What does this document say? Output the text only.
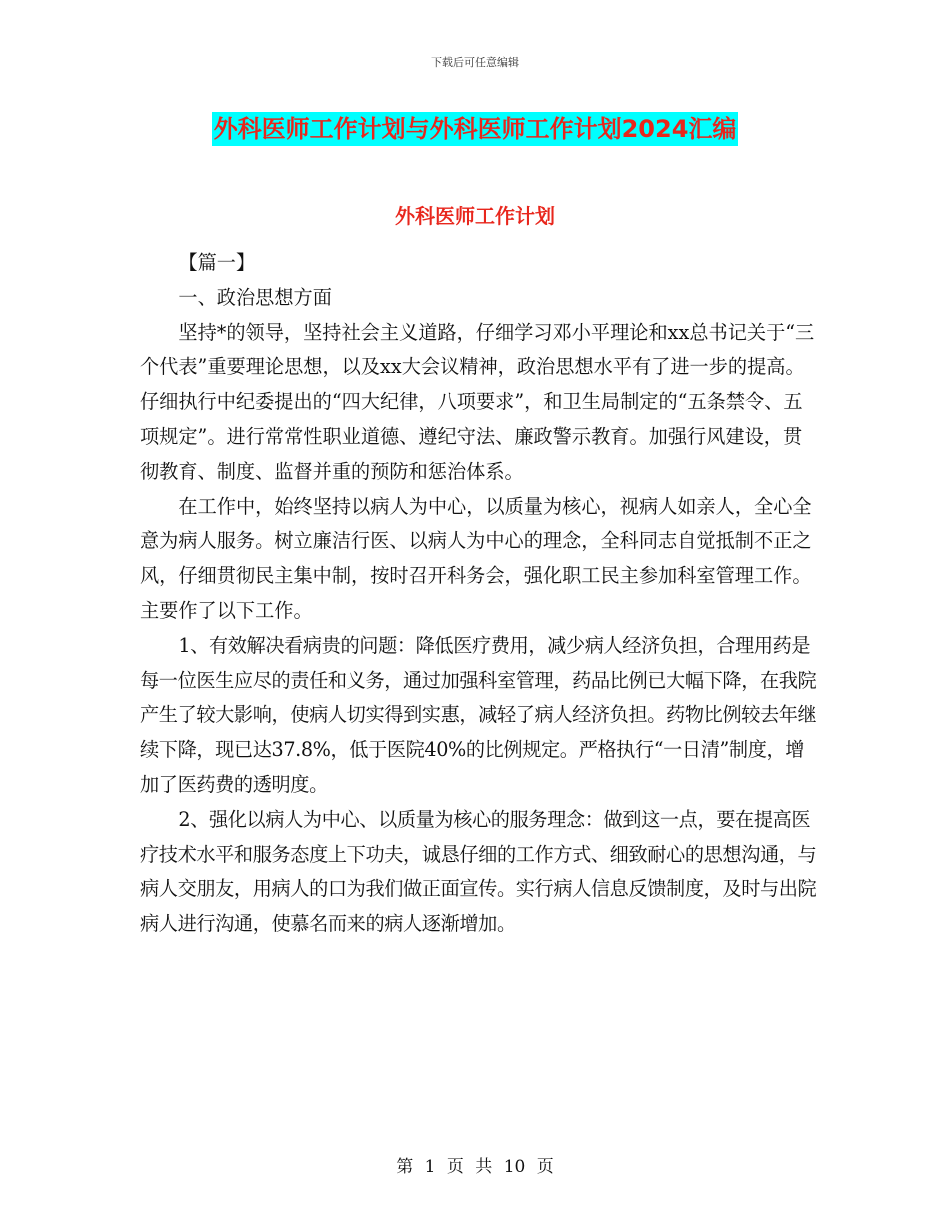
下载后可任意编辑
外科医师工作计划与外科医师工作计划2024汇编
外科医师工作计划

【篇一】

一、政治思想方面

坚持*的领导，坚持社会主义道路，仔细学习邓小平理论和xx总书记关于“三个代表”重要理论思想，以及xx大会议精神，政治思想水平有了进一步的提高。仔细执行中纪委提出的“四大纪律，八项要求”，和卫生局制定的“五条禁令、五项规定”。进行常常性职业道德、遵纪守法、廉政警示教育。加强行风建设，贯彻教育、制度、监督并重的预防和惩治体系。

在工作中，始终坚持以病人为中心，以质量为核心，视病人如亲人，全心全意为病人服务。树立廉洁行医、以病人为中心的理念，全科同志自觉抵制不正之风，仔细贯彻民主集中制，按时召开科务会，强化职工民主参加科室管理工作。主要作了以下工作。

1、有效解决看病贵的问题：降低医疗费用，减少病人经济负担，合理用药是每一位医生应尽的责任和义务，通过加强科室管理，药品比例已大幅下降，在我院产生了较大影响，使病人切实得到实惠，减轻了病人经济负担。药物比例较去年继续下降，现已达37.8%，低于医院40%的比例规定。严格执行“一日清”制度，增加了医药费的透明度。

2、强化以病人为中心、以质量为核心的服务理念：做到这一点，要在提高医疗技术水平和服务态度上下功夫，诚恳仔细的工作方式、细致耐心的思想沟通，与病人交朋友，用病人的口为我们做正面宣传。实行病人信息反馈制度，及时与出院病人进行沟通，使慕名而来的病人逐渐增加。

第 1 页 共 10 页
